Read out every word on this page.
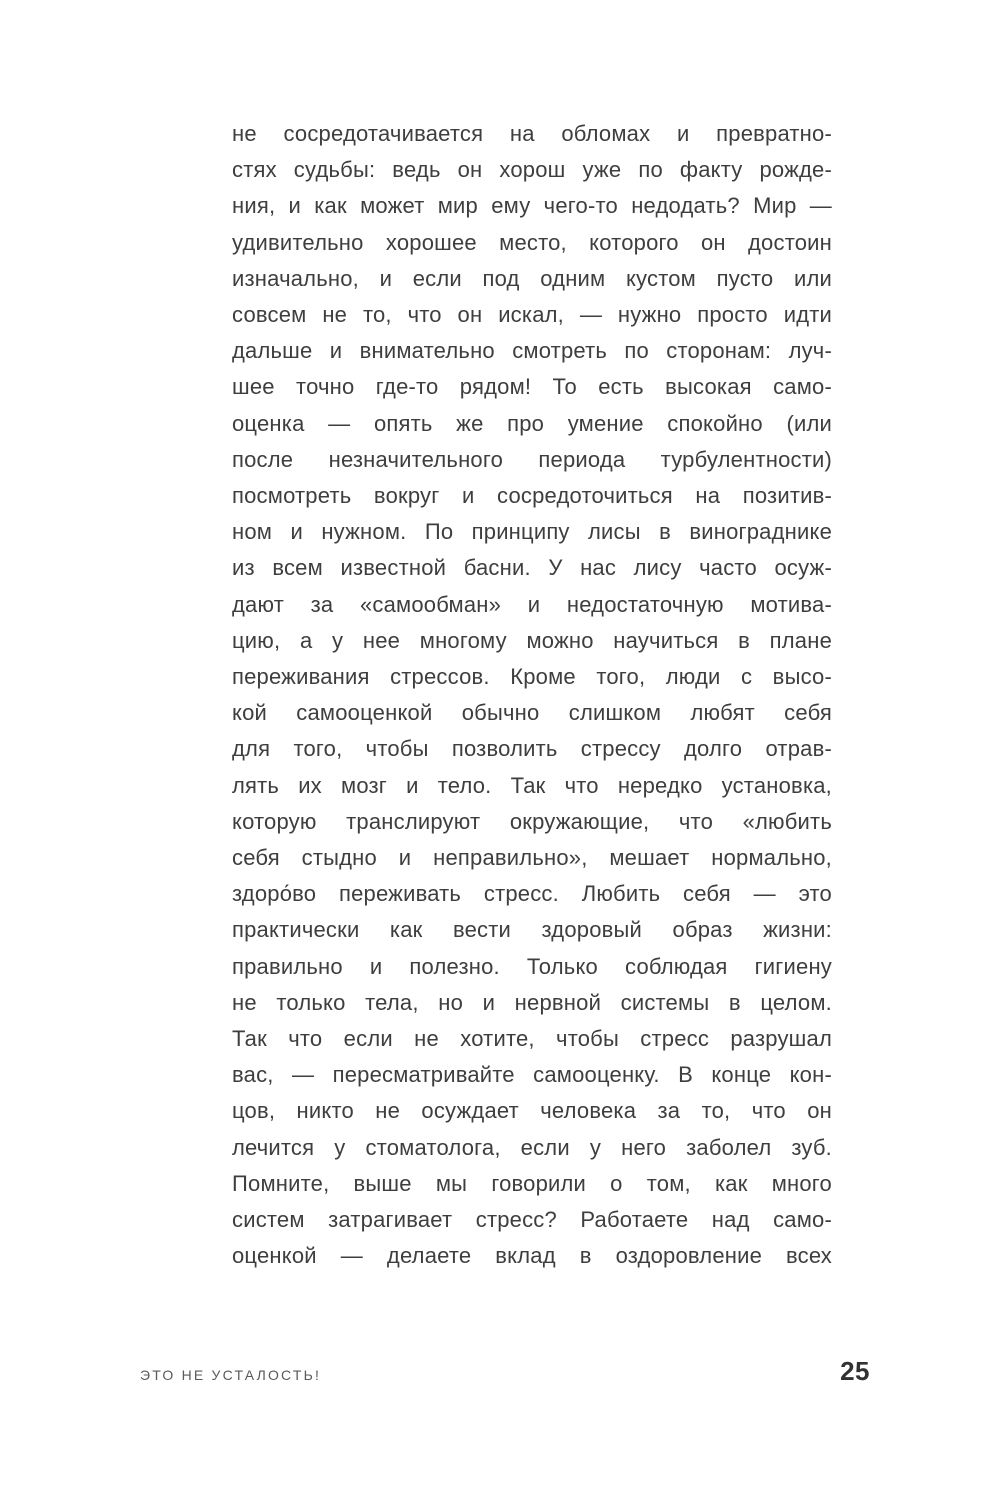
не сосредотачивается на обломах и превратно-
стях судьбы: ведь он хорош уже по факту рожде-
ния, и как может мир ему чего-то недодать? Мир —
удивительно хорошее место, которого он достоин
изначально, и если под одним кустом пусто или
совсем не то, что он искал, — нужно просто идти
дальше и внимательно смотреть по сторонам: луч-
шее точно где-то рядом! То есть высокая само-
оценка — опять же про умение спокойно (или
после незначительного периода турбулентности)
посмотреть вокруг и сосредоточиться на позитив-
ном и нужном. По принципу лисы в винограднике
из всем известной басни. У нас лису часто осуж-
дают за «самообман» и недостаточную мотива-
цию, а у нее многому можно научиться в плане
переживания стрессов. Кроме того, люди с высо-
кой самооценкой обычно слишком любят себя
для того, чтобы позволить стрессу долго отрав-
лять их мозг и тело. Так что нередко установка,
которую транслируют окружающие, что «любить
себя стыдно и неправильно», мешает нормально,
здоро́во переживать стресс. Любить себя — это
практически как вести здоровый образ жизни:
правильно и полезно. Только соблюдая гигиену
не только тела, но и нервной системы в целом.
Так что если не хотите, чтобы стресс разрушал
вас, — пересматривайте самооценку. В конце кон-
цов, никто не осуждает человека за то, что он
лечится у стоматолога, если у него заболел зуб.
Помните, выше мы говорили о том, как много
систем затрагивает стресс? Работаете над само-
оценкой — делаете вклад в оздоровление всех
ЭТО НЕ УСТАЛОСТЬ!	25
